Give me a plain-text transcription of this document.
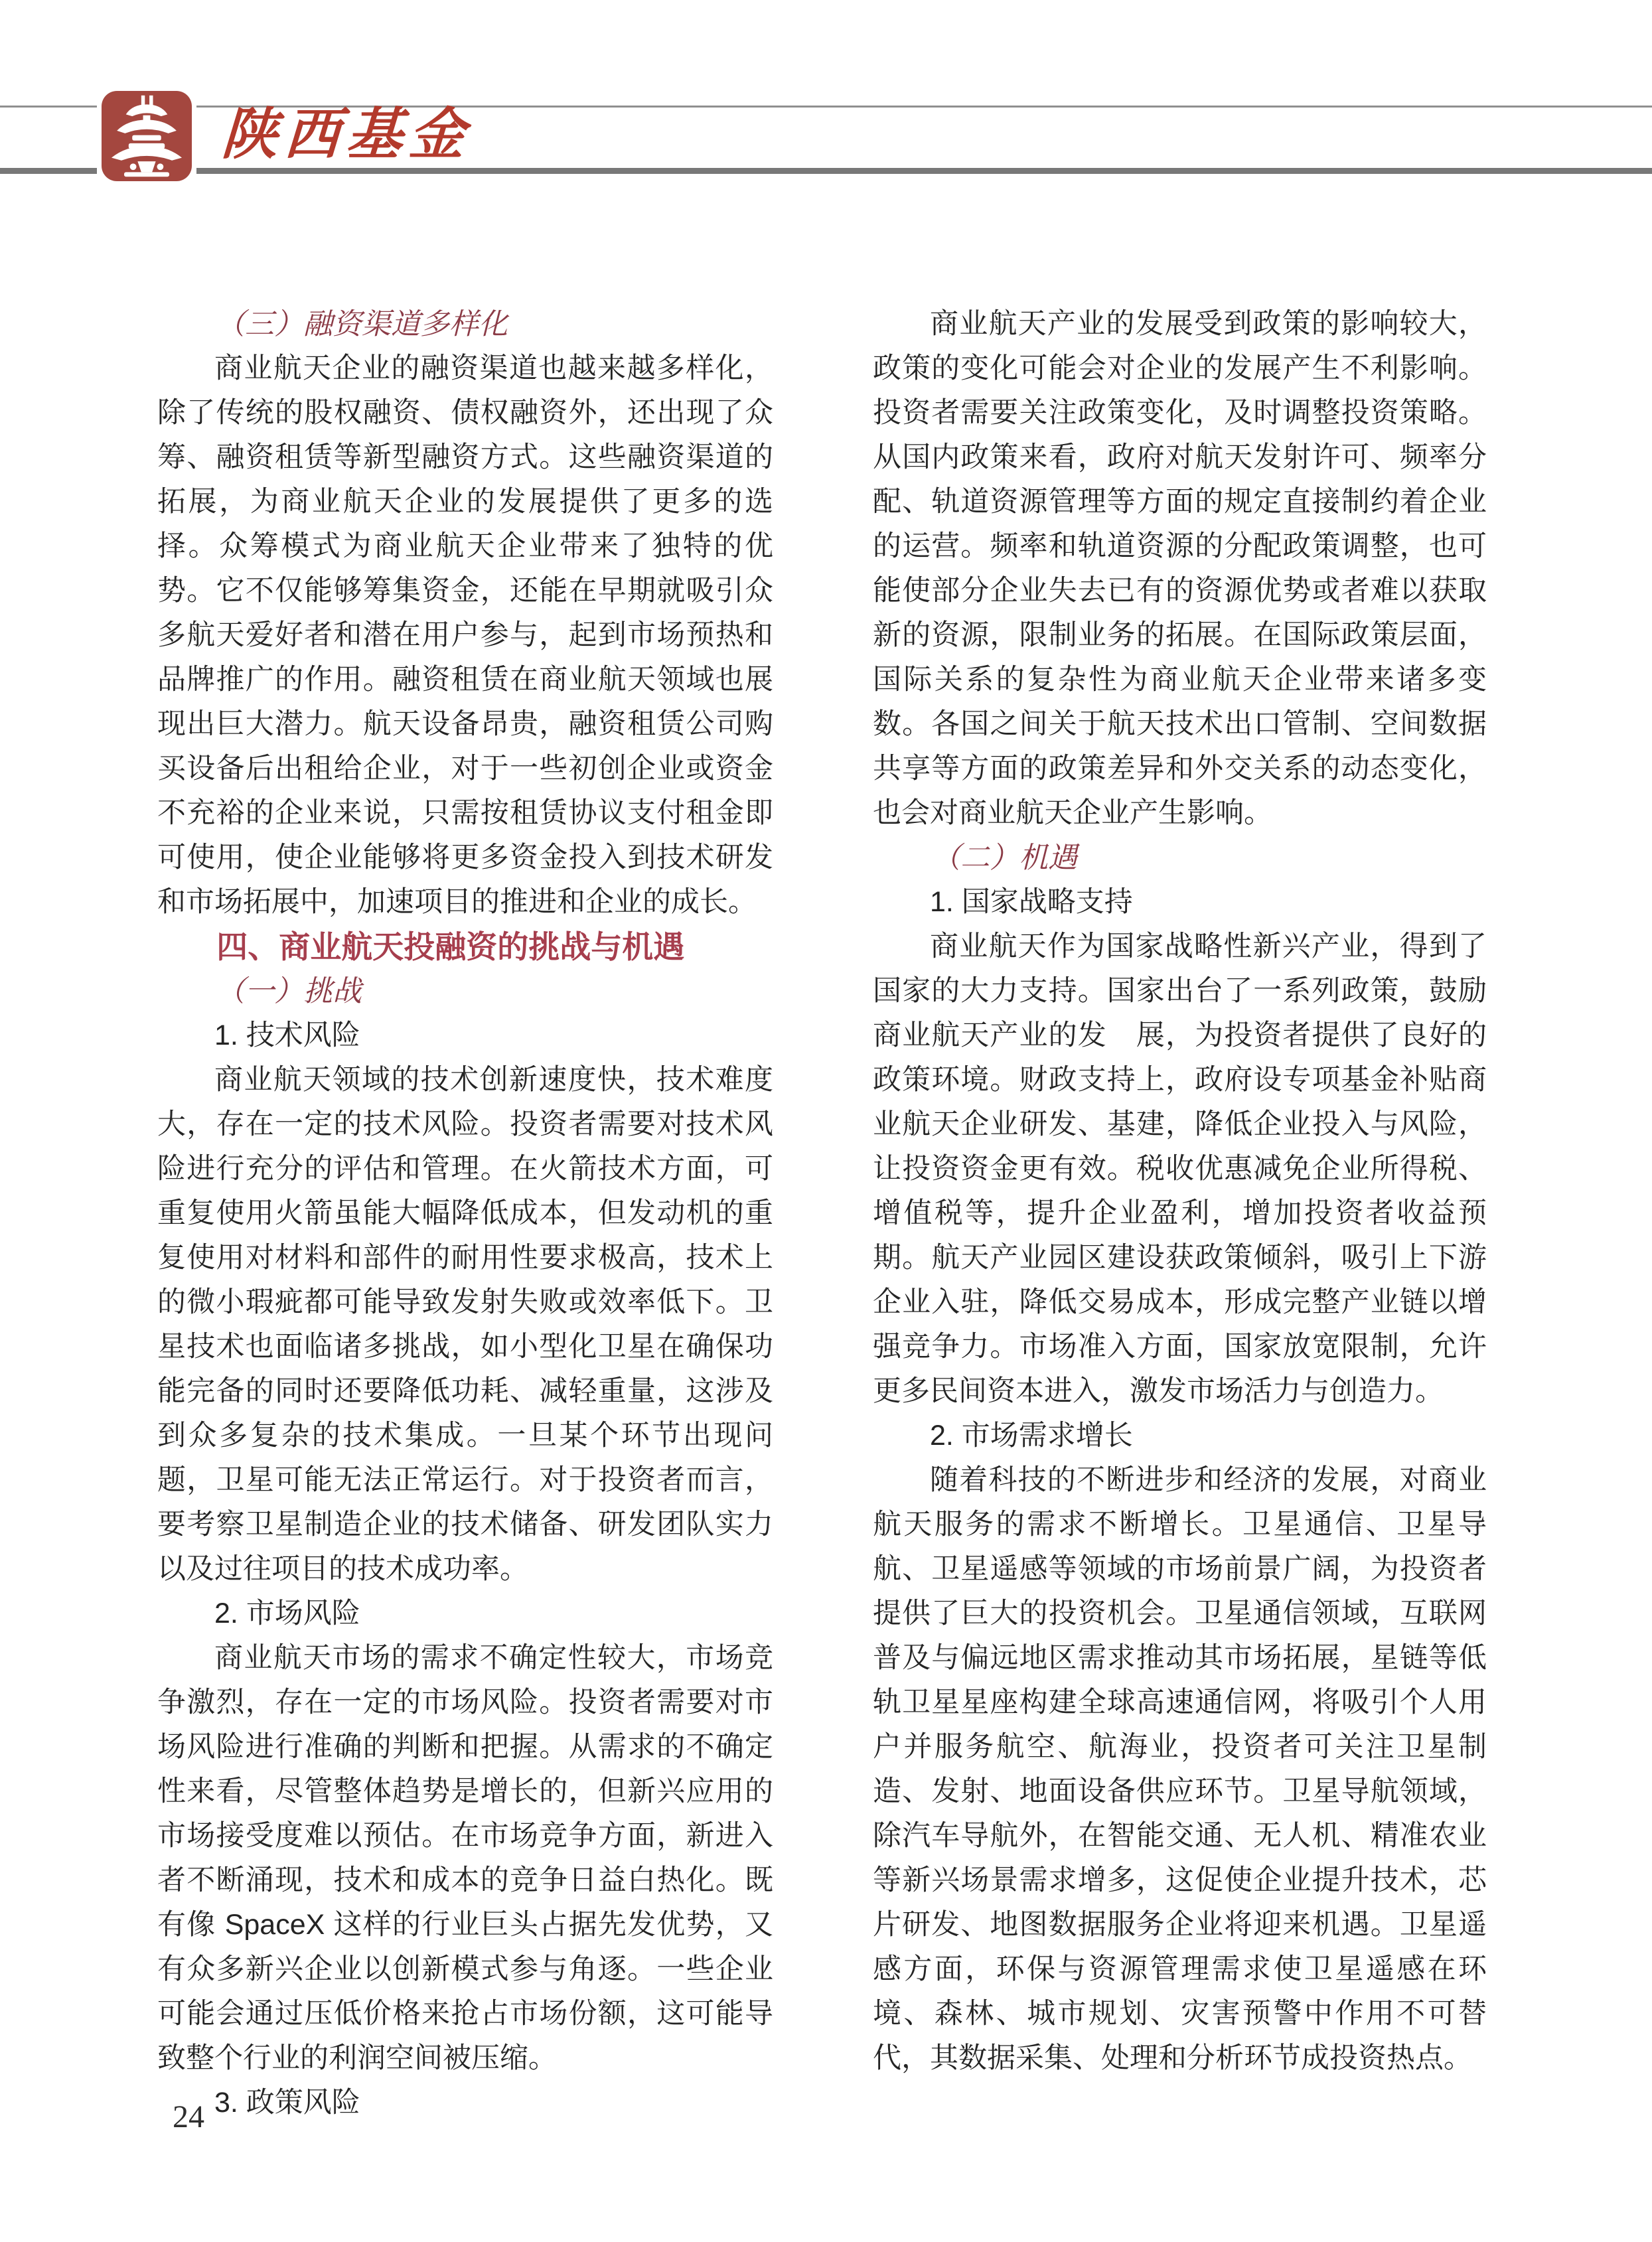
陕西基金

（三）融资渠道多样化

商业航天企业的融资渠道也越来越多样化，除了传统的股权融资、债权融资外，还出现了众筹、融资租赁等新型融资方式。这些融资渠道的拓展，为商业航天企业的发展提供了更多的选择。众筹模式为商业航天企业带来了独特的优势。它不仅能够筹集资金，还能在早期就吸引众多航天爱好者和潜在用户参与，起到市场预热和品牌推广的作用。融资租赁在商业航天领域也展现出巨大潜力。航天设备昂贵，融资租赁公司购买设备后出租给企业，对于一些初创企业或资金不充裕的企业来说，只需按租赁协议支付租金即可使用，使企业能够将更多资金投入到技术研发和市场拓展中，加速项目的推进和企业的成长。

四、商业航天投融资的挑战与机遇

（一）挑战

1. 技术风险

商业航天领域的技术创新速度快，技术难度大，存在一定的技术风险。投资者需要对技术风险进行充分的评估和管理。在火箭技术方面，可重复使用火箭虽能大幅降低成本，但发动机的重复使用对材料和部件的耐用性要求极高，技术上的微小瑕疵都可能导致发射失败或效率低下。卫星技术也面临诸多挑战，如小型化卫星在确保功能完备的同时还要降低功耗、减轻重量，这涉及到众多复杂的技术集成。一旦某个环节出现问题，卫星可能无法正常运行。对于投资者而言，要考察卫星制造企业的技术储备、研发团队实力以及过往项目的技术成功率。

2. 市场风险

商业航天市场的需求不确定性较大，市场竞争激烈，存在一定的市场风险。投资者需要对市场风险进行准确的判断和把握。从需求的不确定性来看，尽管整体趋势是增长的，但新兴应用的市场接受度难以预估。在市场竞争方面，新进入者不断涌现，技术和成本的竞争日益白热化。既有像 SpaceX 这样的行业巨头占据先发优势，又有众多新兴企业以创新模式参与角逐。一些企业可能会通过压低价格来抢占市场份额，这可能导致整个行业的利润空间被压缩。

3. 政策风险

商业航天产业的发展受到政策的影响较大，政策的变化可能会对企业的发展产生不利影响。投资者需要关注政策变化，及时调整投资策略。从国内政策来看，政府对航天发射许可、频率分配、轨道资源管理等方面的规定直接制约着企业的运营。频率和轨道资源的分配政策调整，也可能使部分企业失去已有的资源优势或者难以获取新的资源，限制业务的拓展。在国际政策层面，国际关系的复杂性为商业航天企业带来诸多变数。各国之间关于航天技术出口管制、空间数据共享等方面的政策差异和外交关系的动态变化，也会对商业航天企业产生影响。

（二）机遇

1. 国家战略支持

商业航天作为国家战略性新兴产业，得到了国家的大力支持。国家出台了一系列政策，鼓励商业航天产业的发　展，为投资者提供了良好的政策环境。财政支持上，政府设专项基金补贴商业航天企业研发、基建，降低企业投入与风险，让投资资金更有效。税收优惠减免企业所得税、增值税等，提升企业盈利，增加投资者收益预期。航天产业园区建设获政策倾斜，吸引上下游企业入驻，降低交易成本，形成完整产业链以增强竞争力。市场准入方面，国家放宽限制，允许更多民间资本进入，激发市场活力与创造力。

2. 市场需求增长

随着科技的不断进步和经济的发展，对商业航天服务的需求不断增长。卫星通信、卫星导航、卫星遥感等领域的市场前景广阔，为投资者提供了巨大的投资机会。卫星通信领域，互联网普及与偏远地区需求推动其市场拓展，星链等低轨卫星星座构建全球高速通信网，将吸引个人用户并服务航空、航海业，投资者可关注卫星制造、发射、地面设备供应环节。卫星导航领域，除汽车导航外，在智能交通、无人机、精准农业等新兴场景需求增多，这促使企业提升技术，芯片研发、地图数据服务企业将迎来机遇。卫星遥感方面，环保与资源管理需求使卫星遥感在环境、森林、城市规划、灾害预警中作用不可替代，其数据采集、处理和分析环节成投资热点。

24
